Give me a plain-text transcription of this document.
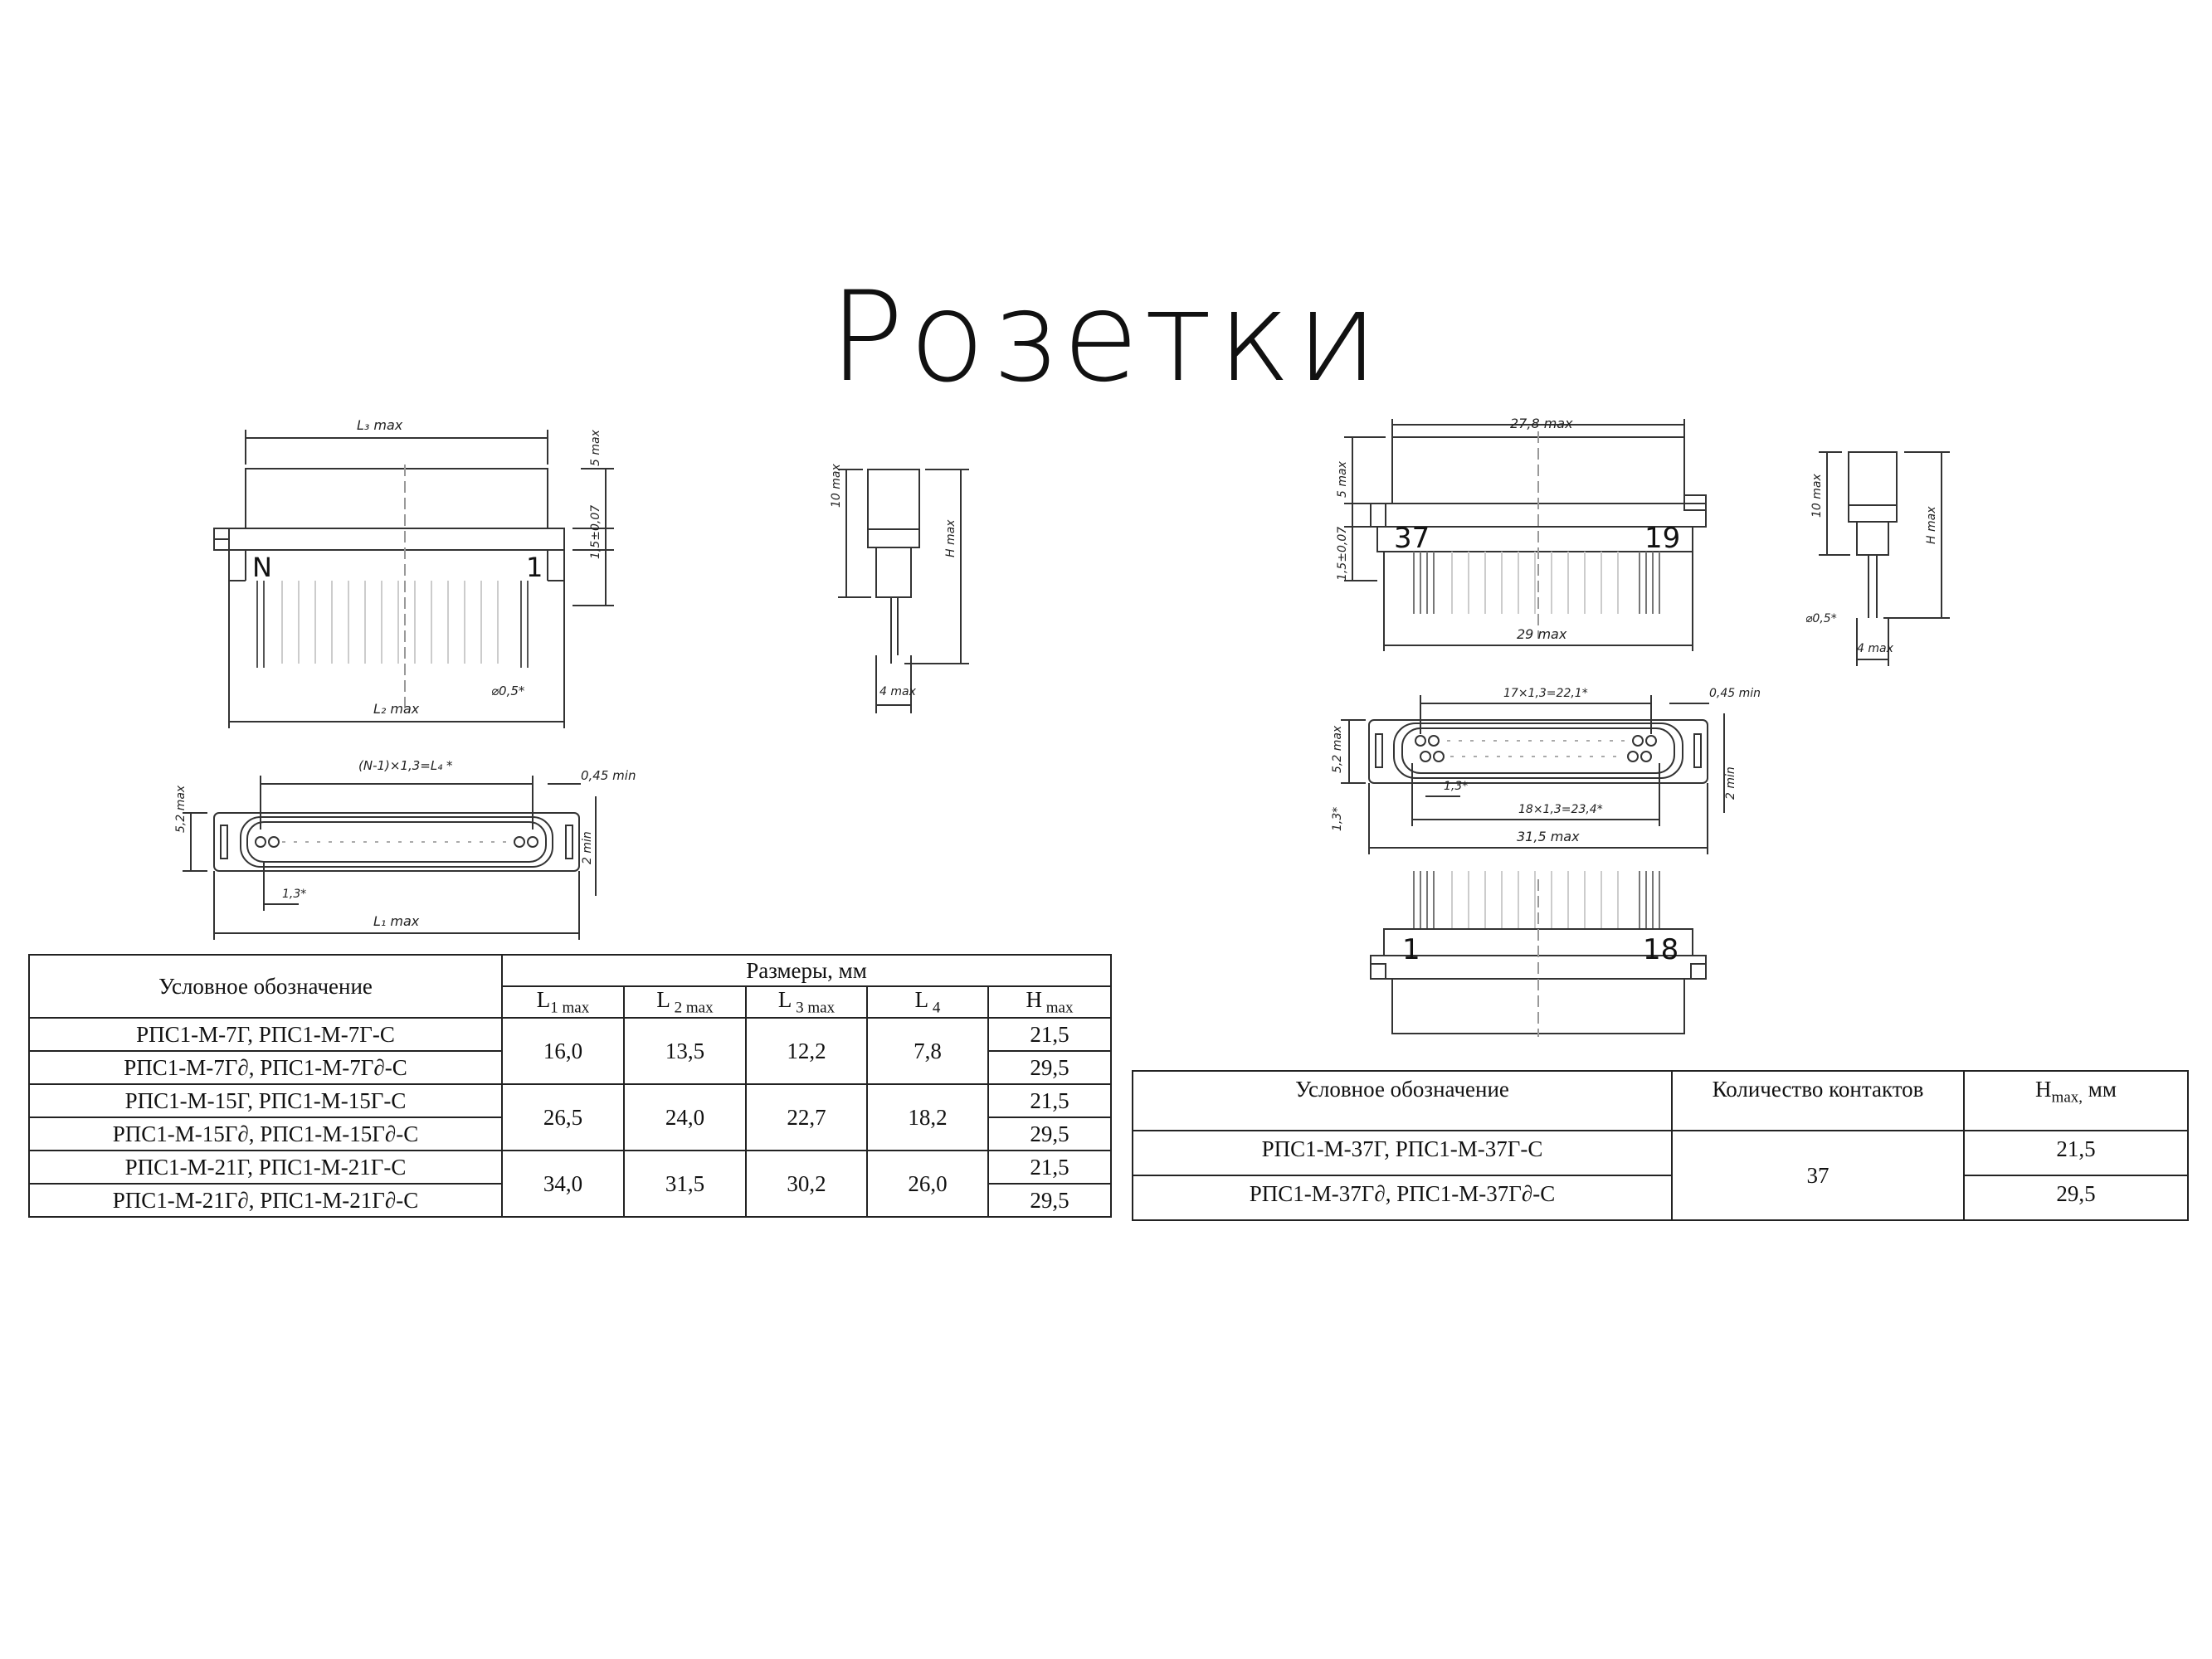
Розетки
L₃ max
L₂ max
L₁ max
N	1
⌀0,5*
5 max
1,5±0,07
10 max
H max
4 max
(N-1)×1,3=L₄ *
0,45 min
5,2 max
1,3*
2 min
27,8 max
37	19
29 max
5 max
1,5±0,07
10 max
H max
⌀0,5*
4 max
17×1,3=22,1*	0,45 min
5,2 max
1,3*
1,3*
2 min
18×1,3=23,4*
31,5 max
1	18
Условное обозначение	Размеры, мм				
	$L_{1 max}$	L $_{2 max}$	L $_{3 max}$	L $_4$	H $_{max}$
РПС1-М-7Г, РПС1-М-7Г-С	16,0	13,5	12,2	7,8	21,5
РПС1-М-7Г∂, РПС1-М-7Г∂-С					29,5
РПС1-М-15Г, РПС1-М-15Г-С	26,5	24,0	22,7	18,2	21,5
РПС1-М-15Г∂, РПС1-М-15Г∂-С					29,5
РПС1-М-21Г, РПС1-М-21Г-С	34,0	31,5	30,2	26,0	21,5
РПС1-М-21Г∂, РПС1-М-21Г∂-С					29,5
Условное обозначение	Количество контактов	$H_{max,}$ мм
РПС1-М-37Г, РПС1-М-37Г-С	37	21,5
РПС1-М-37Г∂, РПС1-М-37Г∂-С		29,5
